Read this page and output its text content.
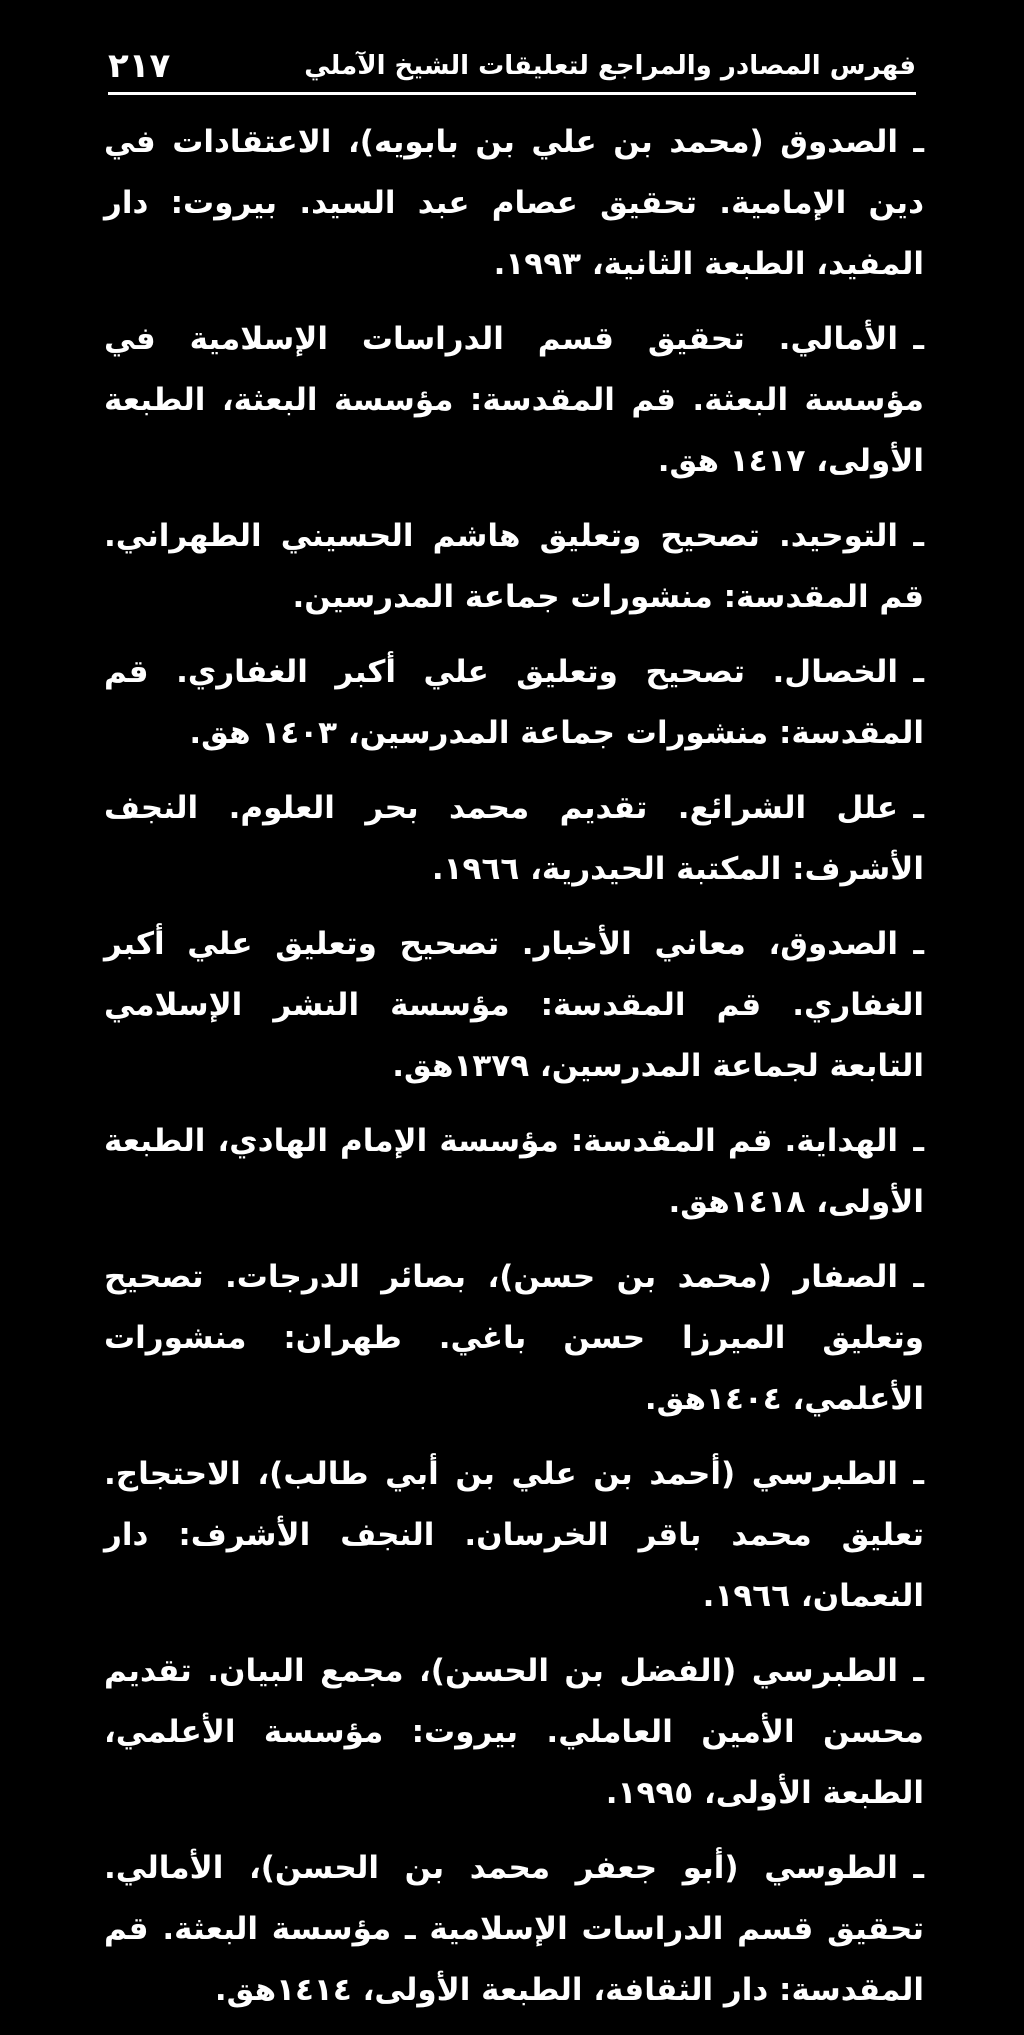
فهرس المصادر والمراجع لتعليقات الشيخ الآملي
٢١٧
ـالصدوق (محمد بن علي بن بابويه)، الاعتقادات في دين الإمامية. تحقيق عصام عبد السيد. بيروت: دار المفيد، الطبعة الثانية، ١٩٩٣.
ـالأمالي. تحقيق قسم الدراسات الإسلامية في مؤسسة البعثة. قم المقدسة: مؤسسة البعثة، الطبعة الأولى، ١٤١٧ هق.
ـالتوحيد. تصحيح وتعليق هاشم الحسيني الطهراني. قم المقدسة: منشورات جماعة المدرسين.
ـالخصال. تصحيح وتعليق علي أكبر الغفاري. قم المقدسة: منشورات جماعة المدرسين، ١٤٠٣ هق.
ـعلل الشرائع. تقديم محمد بحر العلوم. النجف الأشرف: المكتبة الحيدرية، ١٩٦٦.
ـالصدوق، معاني الأخبار. تصحيح وتعليق علي أكبر الغفاري. قم المقدسة: مؤسسة النشر الإسلامي التابعة لجماعة المدرسين، ١٣٧٩هق.
ـالهداية. قم المقدسة: مؤسسة الإمام الهادي، الطبعة الأولى، ١٤١٨هق.
ـالصفار (محمد بن حسن)، بصائر الدرجات. تصحيح وتعليق الميرزا حسن باغي. طهران: منشورات الأعلمي، ١٤٠٤هق.
ـالطبرسي (أحمد بن علي بن أبي طالب)، الاحتجاج. تعليق محمد باقر الخرسان. النجف الأشرف: دار النعمان، ١٩٦٦.
ـالطبرسي (الفضل بن الحسن)، مجمع البيان. تقديم محسن الأمين العاملي. بيروت: مؤسسة الأعلمي، الطبعة الأولى، ١٩٩٥.
ـالطوسي (أبو جعفر محمد بن الحسن)، الأمالي. تحقيق قسم الدراسات الإسلامية ـ مؤسسة البعثة. قم المقدسة: دار الثقافة، الطبعة الأولى، ١٤١٤هق.
